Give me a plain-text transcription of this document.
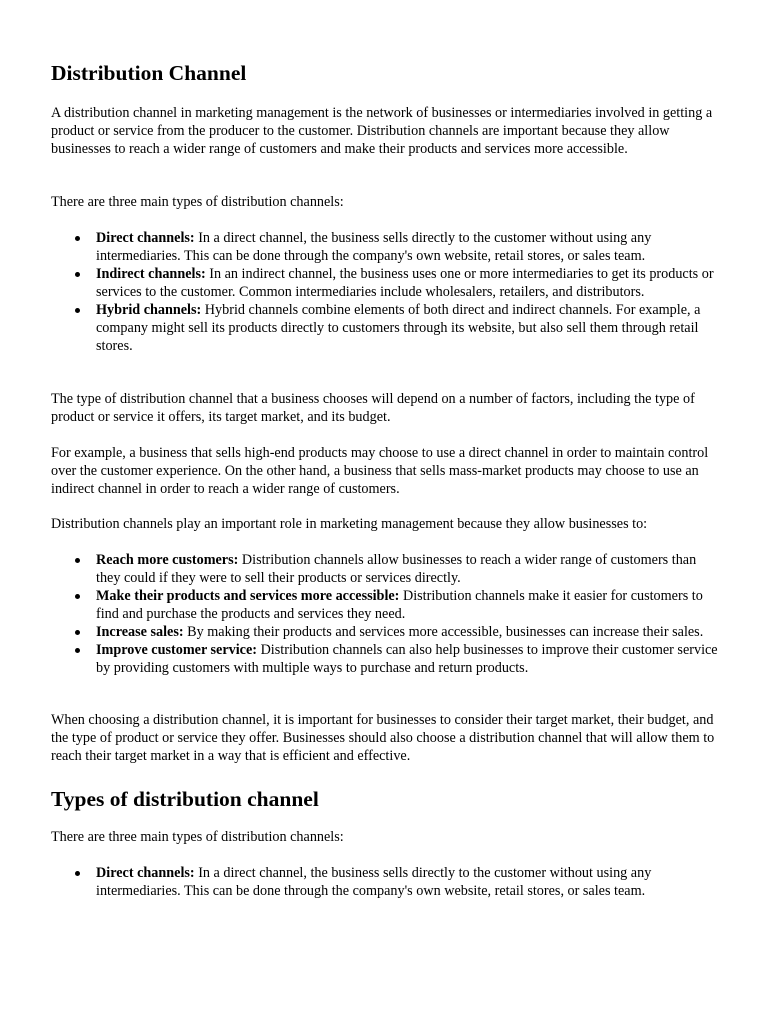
Distribution Channel

A distribution channel in marketing management is the network of businesses or intermediaries involved in getting a product or service from the producer to the customer. Distribution channels are important because they allow businesses to reach a wider range of customers and make their products and services more accessible.

There are three main types of distribution channels:

Direct channels: In a direct channel, the business sells directly to the customer without using any intermediaries. This can be done through the company's own website, retail stores, or sales team.
Indirect channels: In an indirect channel, the business uses one or more intermediaries to get its products or services to the customer. Common intermediaries include wholesalers, retailers, and distributors.
Hybrid channels: Hybrid channels combine elements of both direct and indirect channels. For example, a company might sell its products directly to customers through its website, but also sell them through retail stores.

The type of distribution channel that a business chooses will depend on a number of factors, including the type of product or service it offers, its target market, and its budget.

For example, a business that sells high-end products may choose to use a direct channel in order to maintain control over the customer experience. On the other hand, a business that sells mass-market products may choose to use an indirect channel in order to reach a wider range of customers.

Distribution channels play an important role in marketing management because they allow businesses to:

Reach more customers: Distribution channels allow businesses to reach a wider range of customers than they could if they were to sell their products or services directly.
Make their products and services more accessible: Distribution channels make it easier for customers to find and purchase the products and services they need.
Increase sales: By making their products and services more accessible, businesses can increase their sales.
Improve customer service: Distribution channels can also help businesses to improve their customer service by providing customers with multiple ways to purchase and return products.

When choosing a distribution channel, it is important for businesses to consider their target market, their budget, and the type of product or service they offer. Businesses should also choose a distribution channel that will allow them to reach their target market in a way that is efficient and effective.

Types of distribution channel

There are three main types of distribution channels:

Direct channels: In a direct channel, the business sells directly to the customer without using any intermediaries. This can be done through the company's own website, retail stores, or sales team.
